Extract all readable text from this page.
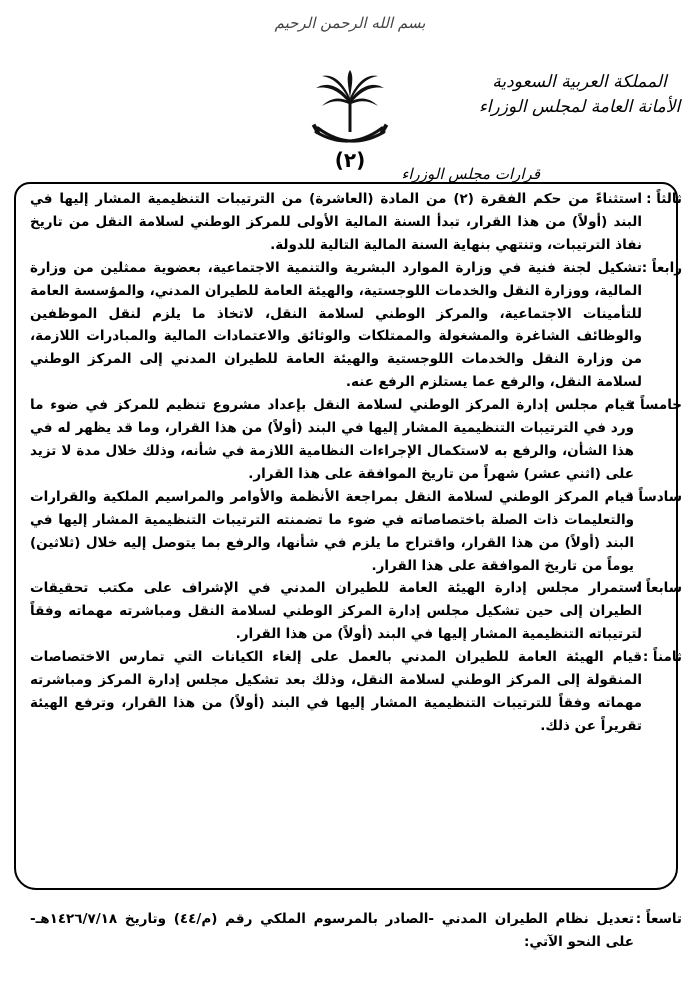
بسم الله الرحمن الرحيم
(٢)
المملكة العربية السعودية
الأمانة العامة لمجلس الوزراء
قرارات مجلس الوزراء
ثالثاً :
استثناءً من حكم الفقرة (٢) من المادة (العاشرة) من الترتيبات التنظيمية المشار إليها في البند (أولاً) من هذا القرار، تبدأ السنة المالية الأولى للمركز الوطني لسلامة النقل من تاريخ نفاذ الترتيبات، وتنتهي بنهاية السنة المالية التالية للدولة.
رابعاً :
تشكيل لجنة فنية في وزارة الموارد البشرية والتنمية الاجتماعية، بعضوية ممثلين من وزارة المالية، ووزارة النقل والخدمات اللوجستية، والهيئة العامة للطيران المدني، والمؤسسة العامة للتأمينات الاجتماعية، والمركز الوطني لسلامة النقل، لاتخاذ ما يلزم لنقل الموظفين والوظائف الشاغرة والمشغولة والممتلكات والوثائق والاعتمادات المالية والمبادرات اللازمة، من وزارة النقل والخدمات اللوجستية والهيئة العامة للطيران المدني إلى المركز الوطني لسلامة النقل، والرفع عما يستلزم الرفع عنه.
خامساً :
قيام مجلس إدارة المركز الوطني لسلامة النقل بإعداد مشروع تنظيم للمركز في ضوء ما ورد في الترتيبات التنظيمية المشار إليها في البند (أولاً) من هذا القرار، وما قد يظهر له في هذا الشأن، والرفع به لاستكمال الإجراءات النظامية اللازمة في شأنه، وذلك خلال مدة لا تزيد على (اثني عشر) شهراً من تاريخ الموافقة على هذا القرار.
سادساً :
قيام المركز الوطني لسلامة النقل بمراجعة الأنظمة والأوامر والمراسيم الملكية والقرارات والتعليمات ذات الصلة باختصاصاته في ضوء ما تضمنته الترتيبات التنظيمية المشار إليها في البند (أولاً) من هذا القرار، واقتراح ما يلزم في شأنها، والرفع بما يتوصل إليه خلال (ثلاثين) يوماً من تاريخ الموافقة على هذا القرار.
سابعاً :
استمرار مجلس إدارة الهيئة العامة للطيران المدني في الإشراف على مكتب تحقيقات الطيران إلى حين تشكيل مجلس إدارة المركز الوطني لسلامة النقل ومباشرته مهماته وفقاً لترتيباته التنظيمية المشار إليها في البند (أولاً) من هذا القرار.
ثامناً :
قيام الهيئة العامة للطيران المدني بالعمل على إلغاء الكيانات التي تمارس الاختصاصات المنقولة إلى المركز الوطني لسلامة النقل، وذلك بعد تشكيل مجلس إدارة المركز ومباشرته مهماته وفقاً للترتيبات التنظيمية المشار إليها في البند (أولاً) من هذا القرار، وترفع الهيئة تقريراً عن ذلك.
تاسعاً :
تعديل نظام الطيران المدني -الصادر بالمرسوم الملكي رقم (م/٤٤) وتاريخ ١٤٢٦/٧/١٨هـ- على النحو الآتي:
